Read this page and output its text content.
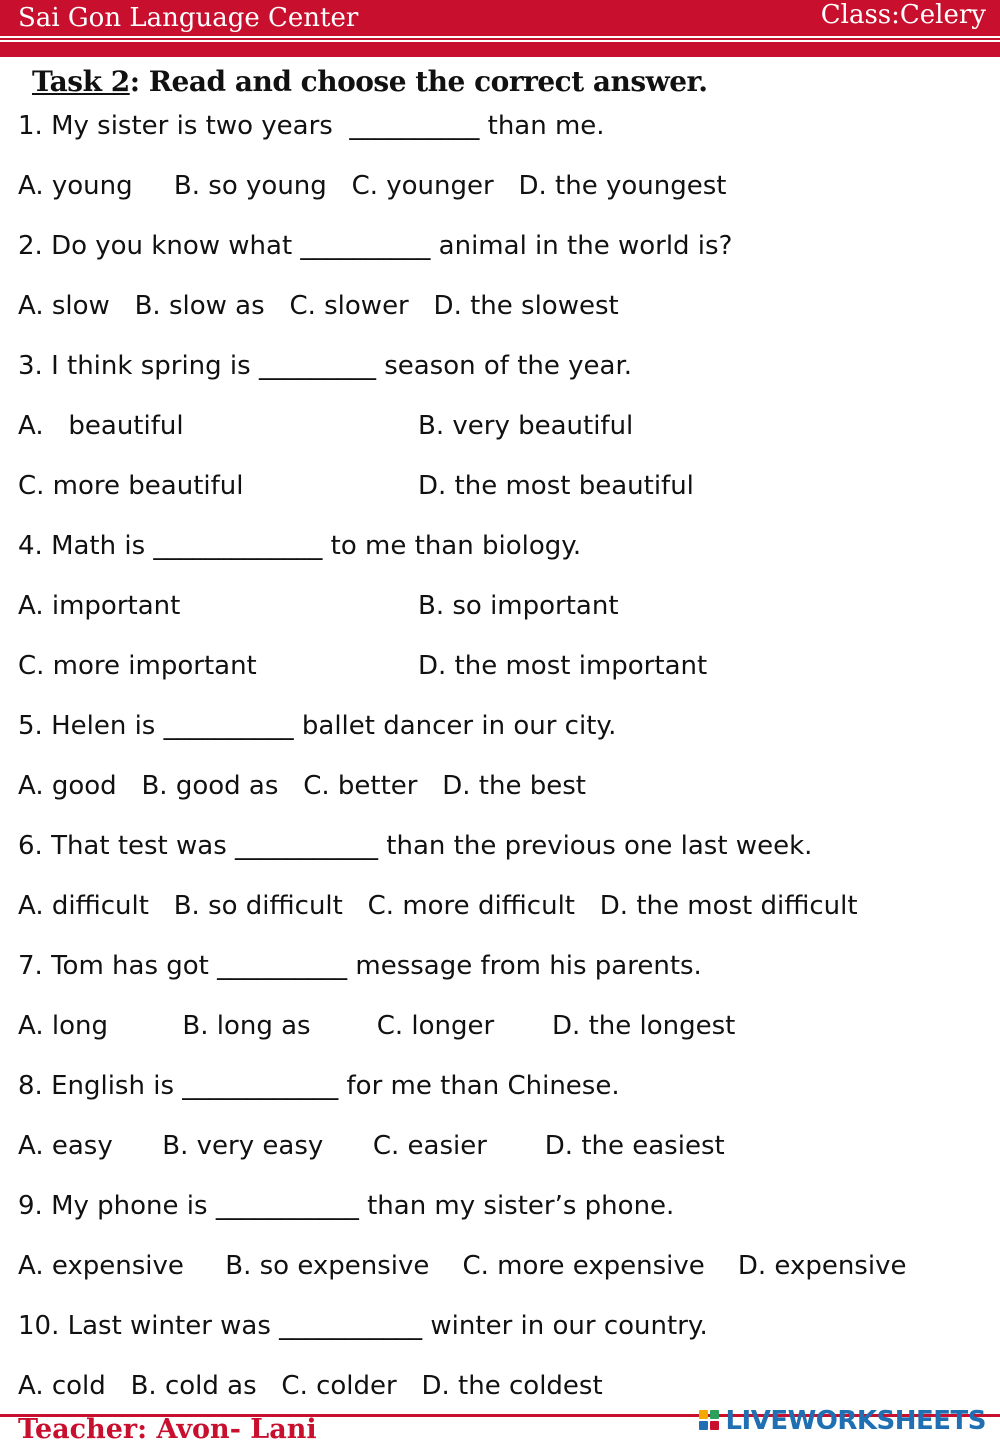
Sai Gon Language Center	Class:Celery
Task 2: Read and choose the correct answer.
1. My sister is two years  __________ than me.
A. young     B. so young   C. younger   D. the youngest
2. Do you know what __________ animal in the world is?
A. slow   B. slow as   C. slower   D. the slowest
3. I think spring is _________ season of the year.
A.   beautiful	B. very beautiful
C. more beautiful	D. the most beautiful
4. Math is _____________ to me than biology.
A. important	B. so important
C. more important	D. the most important
5. Helen is __________ ballet dancer in our city.
A. good   B. good as   C. better   D. the best
6. That test was ___________ than the previous one last week.
A. difficult   B. so difficult   C. more difficult   D. the most difficult
7. Tom has got __________ message from his parents.
A. long         B. long as        C. longer       D. the longest
8. English is ____________ for me than Chinese.
A. easy      B. very easy      C. easier       D. the easiest
9. My phone is ___________ than my sister’s phone.
A. expensive     B. so expensive    C. more expensive    D. expensive
10. Last winter was ___________ winter in our country.
A. cold   B. cold as   C. colder   D. the coldest
Teacher: Avon- Lani	LIVEWORKSHEETS
